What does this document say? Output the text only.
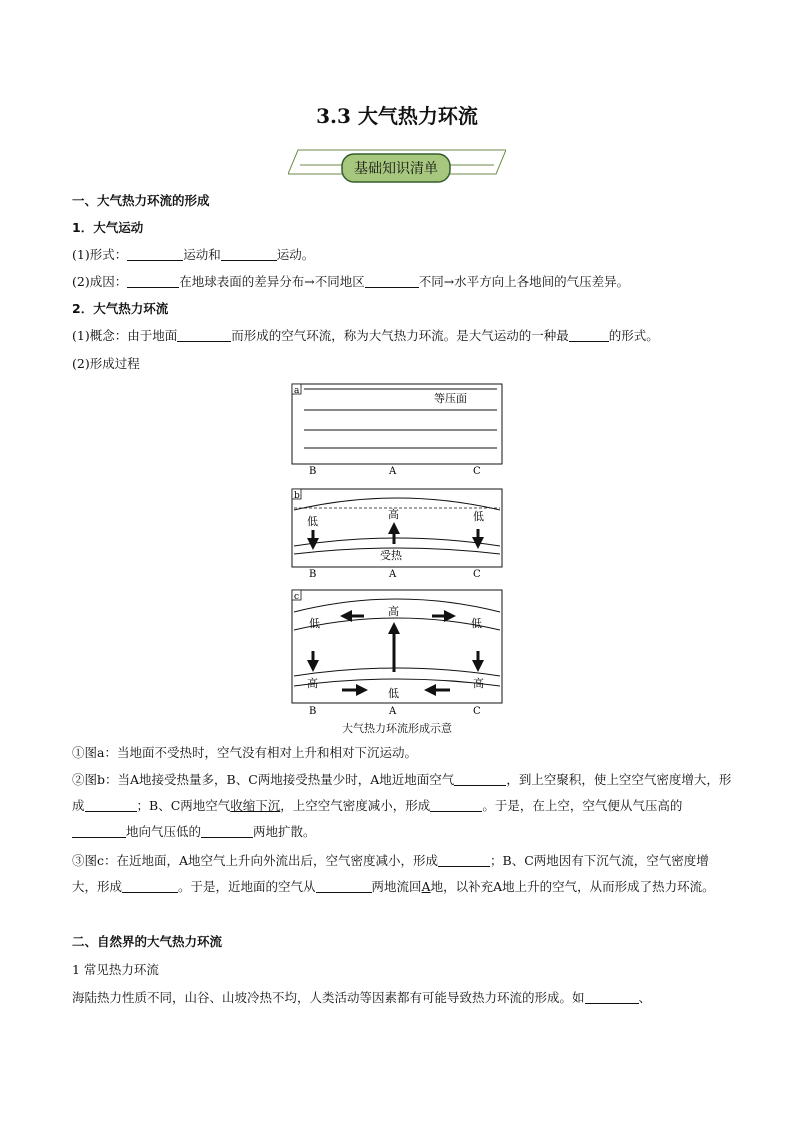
3.3 大气热力环流
基础知识清单
一、大气热力环流的形成
1．大气运动
(1)形式：	运动和	运动。
(2)成因：	在地球表面的差异分布→不同地区	不同→水平方向上各地间的气压差异。
2．大气热力环流
(1)概念：由于地面	而形成的空气环流，称为大气热力环流。是大气运动的一种最	的形式。
(2)形成过程
a
等压面
B	A	C
b
低
高	低
受热
B	A	C
c
高
低	低
高
低
高
B	A	C
大气热力环流形成示意
①图a：当地面不受热时，空气没有相对上升和相对下沉运动。
②图b：当A地接受热量多，B、C两地接受热量少时，A地近地面空气	，到上空聚积，使上空空气密度增大，形成	；B、C两地空气收缩下沉，上空空气密度减小，形成	。于是，在上空，空气便从气压高的地向气压低的	两地扩散。
③图c：在近地面，A地空气上升向外流出后，空气密度减小，形成	；B、C两地因有下沉气流，空气密度增大，形成	。于是，近地面的空气从	两地流回A地，以补充A地上升的空气，从而形成了热力环流。
二、自然界的大气热力环流
1 常见热力环流
海陆热力性质不同，山谷、山坡冷热不均，人类活动等因素都有可能导致热力环流的形成。如	、
